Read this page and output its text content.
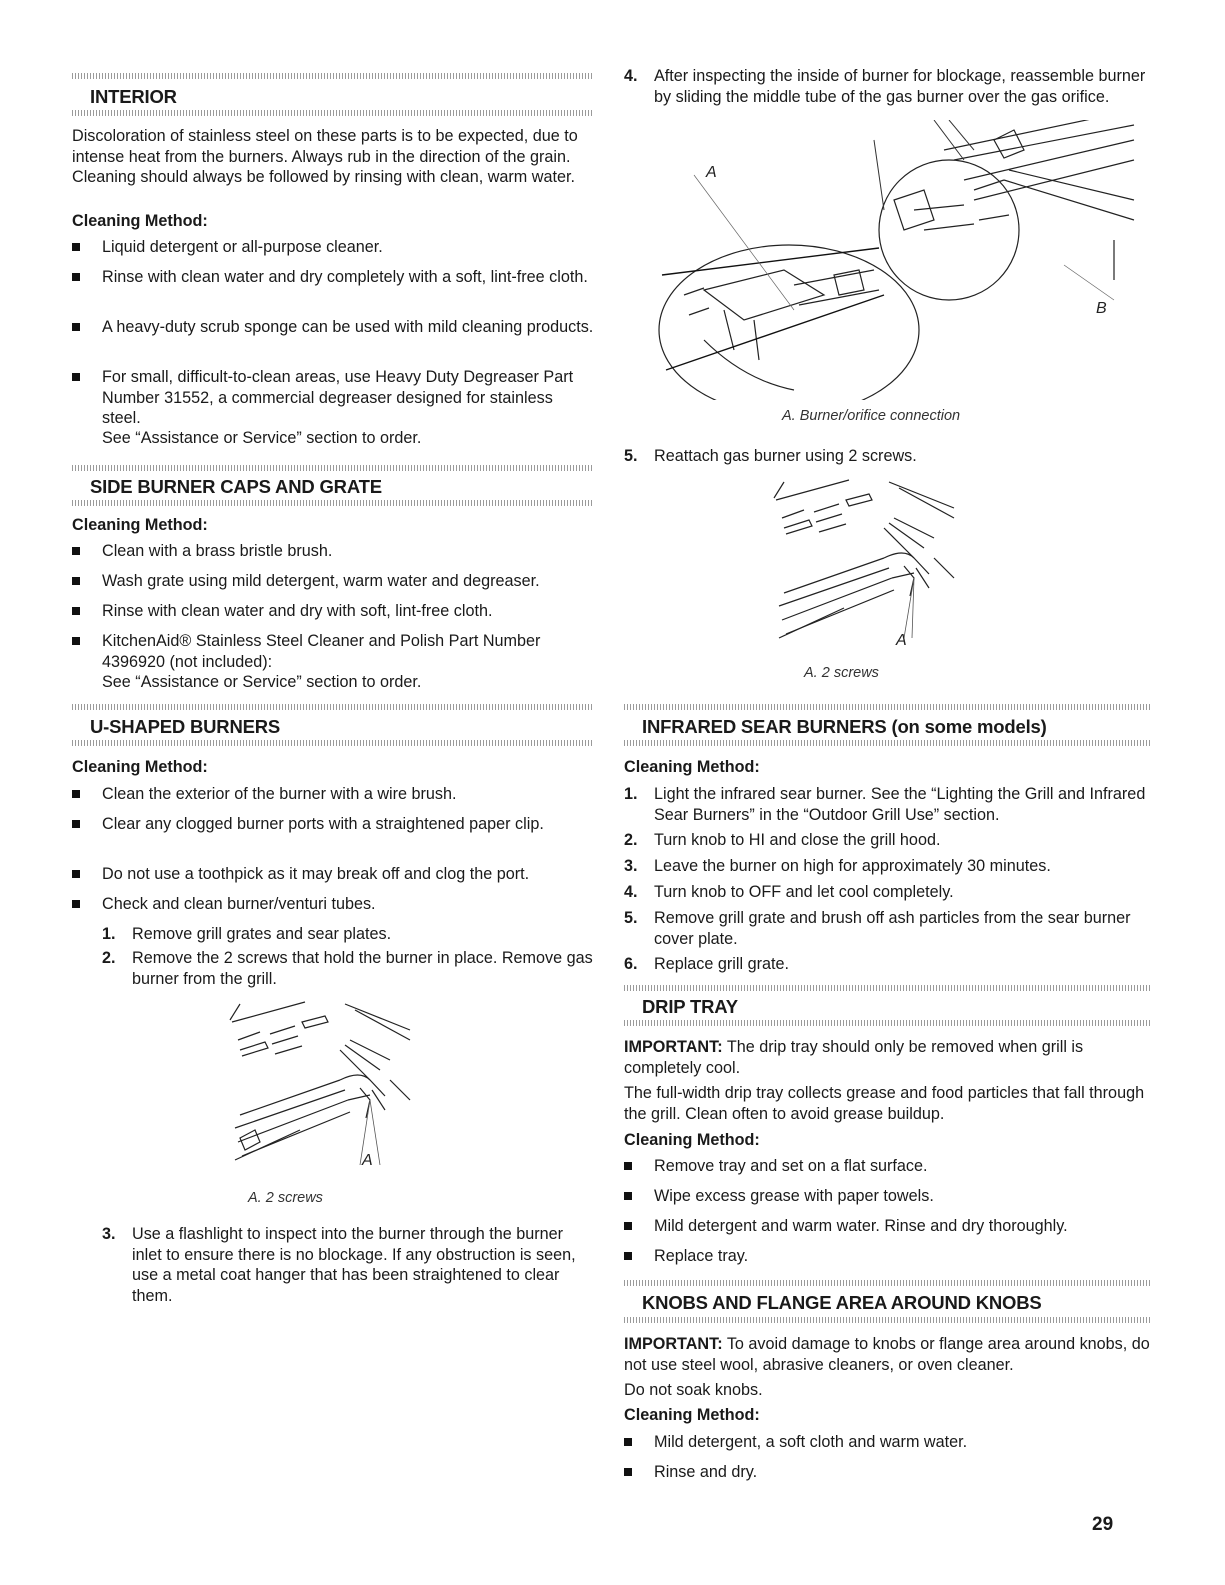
INTERIOR
Discoloration of stainless steel on these parts is to be expected, due to intense heat from the burners. Always rub in the direction of the grain. Cleaning should always be followed by rinsing with clean, warm water.
Cleaning Method:
Liquid detergent or all-purpose cleaner.
Rinse with clean water and dry completely with a soft, lint-free cloth.
A heavy-duty scrub sponge can be used with mild cleaning products.
For small, difficult-to-clean areas, use Heavy Duty Degreaser Part Number 31552, a commercial degreaser designed for stainless steel.
See “Assistance or Service” section to order.
SIDE BURNER CAPS AND GRATE
Cleaning Method:
Clean with a brass bristle brush.
Wash grate using mild detergent, warm water and degreaser.
Rinse with clean water and dry with soft, lint-free cloth.
KitchenAid® Stainless Steel Cleaner and Polish Part Number 4396920 (not included):
See “Assistance or Service” section to order.
U-SHAPED BURNERS
Cleaning Method:
Clean the exterior of the burner with a wire brush.
Clear any clogged burner ports with a straightened paper clip.
Do not use a toothpick as it may break off and clog the port.
Check and clean burner/venturi tubes.
1. Remove grill grates and sear plates.
2. Remove the 2 screws that hold the burner in place. Remove gas burner from the grill.
A
A. 2 screws
3. Use a flashlight to inspect into the burner through the burner inlet to ensure there is no blockage. If any obstruction is seen, use a metal coat hanger that has been straightened to clear them.
4. After inspecting the inside of burner for blockage, reassemble burner by sliding the middle tube of the gas burner over the gas orifice.
A
B
A. Burner/orifice connection
5. Reattach gas burner using 2 screws.
A
A. 2 screws
INFRARED SEAR BURNERS (on some models)
Cleaning Method:
1. Light the infrared sear burner. See the “Lighting the Grill and Infrared Sear Burners” in the “Outdoor Grill Use” section.
2. Turn knob to HI and close the grill hood.
3. Leave the burner on high for approximately 30 minutes.
4. Turn knob to OFF and let cool completely.
5. Remove grill grate and brush off ash particles from the sear burner cover plate.
6. Replace grill grate.
DRIP TRAY
IMPORTANT: The drip tray should only be removed when grill is completely cool.
The full-width drip tray collects grease and food particles that fall through the grill. Clean often to avoid grease buildup.
Cleaning Method:
Remove tray and set on a flat surface.
Wipe excess grease with paper towels.
Mild detergent and warm water. Rinse and dry thoroughly.
Replace tray.
KNOBS AND FLANGE AREA AROUND KNOBS
IMPORTANT: To avoid damage to knobs or flange area around knobs, do not use steel wool, abrasive cleaners, or oven cleaner.
Do not soak knobs.
Cleaning Method:
Mild detergent, a soft cloth and warm water.
Rinse and dry.
29
